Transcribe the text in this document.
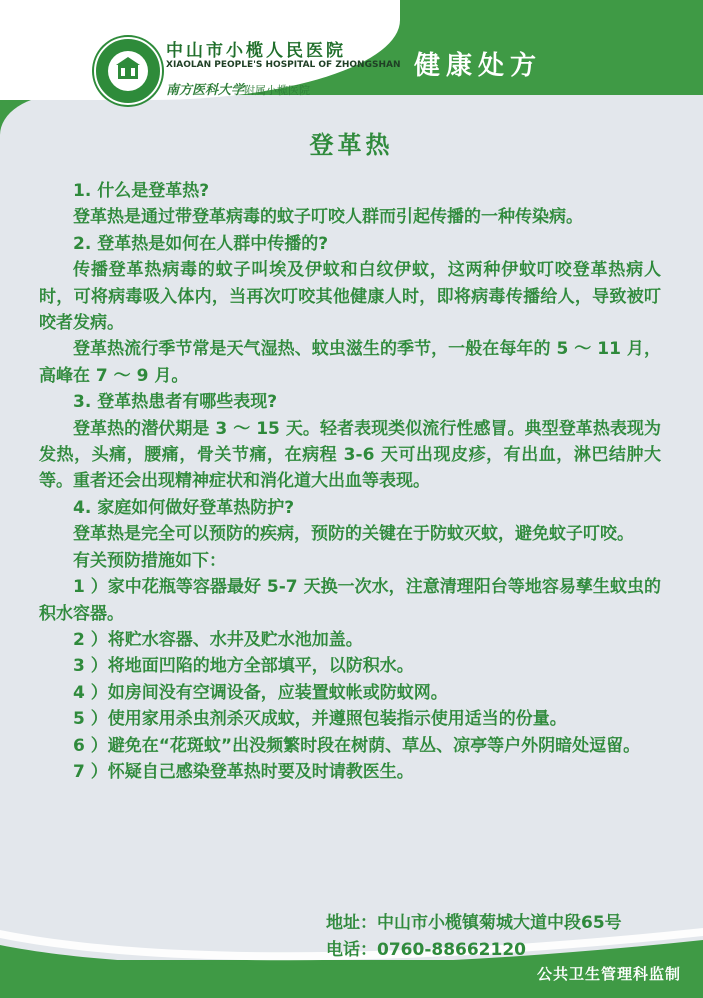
中山市小榄人民医院
XIAOLAN PEOPLE'S HOSPITAL OF ZHONGSHAN
南方医科大学附属小榄医院
健康处方
登革热

1. 什么是登革热?

登革热是通过带登革病毒的蚊子叮咬人群而引起传播的一种传染病。

2. 登革热是如何在人群中传播的?

传播登革热病毒的蚊子叫埃及伊蚊和白纹伊蚊，这两种伊蚊叮咬登革热病人时，可将病毒吸入体内，当再次叮咬其他健康人时，即将病毒传播给人，导致被叮咬者发病。

登革热流行季节常是天气湿热、蚊虫滋生的季节，一般在每年的 5 ～ 11 月，高峰在 7 ～ 9 月。

3. 登革热患者有哪些表现?

登革热的潜伏期是 3 ～ 15 天。轻者表现类似流行性感冒。典型登革热表现为发热，头痛，腰痛，骨关节痛，在病程 3-6 天可出现皮疹，有出血，淋巴结肿大等。重者还会出现精神症状和消化道大出血等表现。

4. 家庭如何做好登革热防护?

登革热是完全可以预防的疾病，预防的关键在于防蚊灭蚊，避免蚊子叮咬。

有关预防措施如下：

1 ）家中花瓶等容器最好 5-7 天换一次水，注意清理阳台等地容易孳生蚊虫的积水容器。

2 ）将贮水容器、水井及贮水池加盖。

3 ）将地面凹陷的地方全部填平，以防积水。

4 ）如房间没有空调设备，应装置蚊帐或防蚊网。

5 ）使用家用杀虫剂杀灭成蚊，并遵照包装指示使用适当的份量。

6 ）避免在“花斑蚊”出没频繁时段在树荫、草丛、凉亭等户外阴暗处逗留。

7 ）怀疑自己感染登革热时要及时请教医生。

地址：中山市小榄镇菊城大道中段65号
电话：0760-88662120
公共卫生管理科监制
